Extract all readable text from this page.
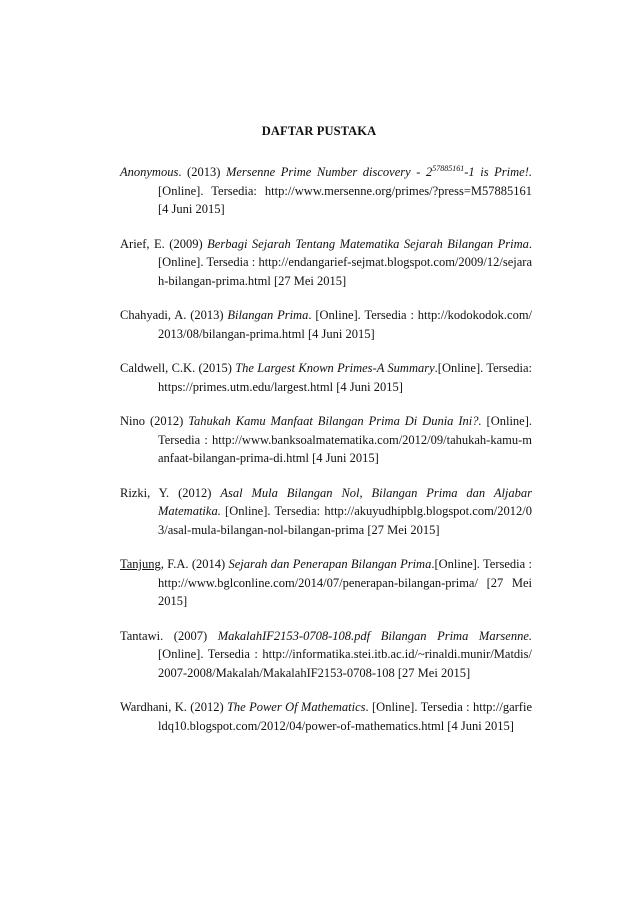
DAFTAR PUSTAKA

Anonymous. (2013) Mersenne Prime Number discovery - $2^{57885161}-1$ is Prime!. [Online]. Tersedia: http://www.mersenne.org/primes/?press=M57885161 [4 Juni 2015]

Arief, E. (2009) Berbagi Sejarah Tentang Matematika Sejarah Bilangan Prima. [Online]. Tersedia : http://endangarief-sejmat.blogspot.com/2009/12/sejarah-bilangan-prima.html [27 Mei 2015]

Chahyadi, A. (2013) Bilangan Prima. [Online]. Tersedia : http://kodokodok.com/2013/08/bilangan-prima.html [4 Juni 2015]

Caldwell, C.K. (2015) The Largest Known Primes-A Summary.[Online]. Tersedia: https://primes.utm.edu/largest.html [4 Juni 2015]

Nino (2012) Tahukah Kamu Manfaat Bilangan Prima Di Dunia Ini?. [Online]. Tersedia : http://www.banksoalmatematika.com/2012/09/tahukah-kamu-manfaat-bilangan-prima-di.html [4 Juni 2015]

Rizki, Y. (2012) Asal Mula Bilangan Nol, Bilangan Prima dan Aljabar Matematika. [Online]. Tersedia: http://akuyudhipblg.blogspot.com/2012/03/asal-mula-bilangan-nol-bilangan-prima [27 Mei 2015]

Tanjung, F.A. (2014) Sejarah dan Penerapan Bilangan Prima.[Online]. Tersedia : http://www.bglconline.com/2014/07/penerapan-bilangan-prima/ [27 Mei 2015]

Tantawi. (2007) MakalahIF2153-0708-108.pdf Bilangan Prima Marsenne. [Online]. Tersedia : http://informatika.stei.itb.ac.id/~rinaldi.munir/Matdis/2007-2008/Makalah/MakalahIF2153-0708-108 [27 Mei 2015]

Wardhani, K. (2012) The Power Of Mathematics. [Online]. Tersedia : http://garfieldq10.blogspot.com/2012/04/power-of-mathematics.html [4 Juni 2015]
